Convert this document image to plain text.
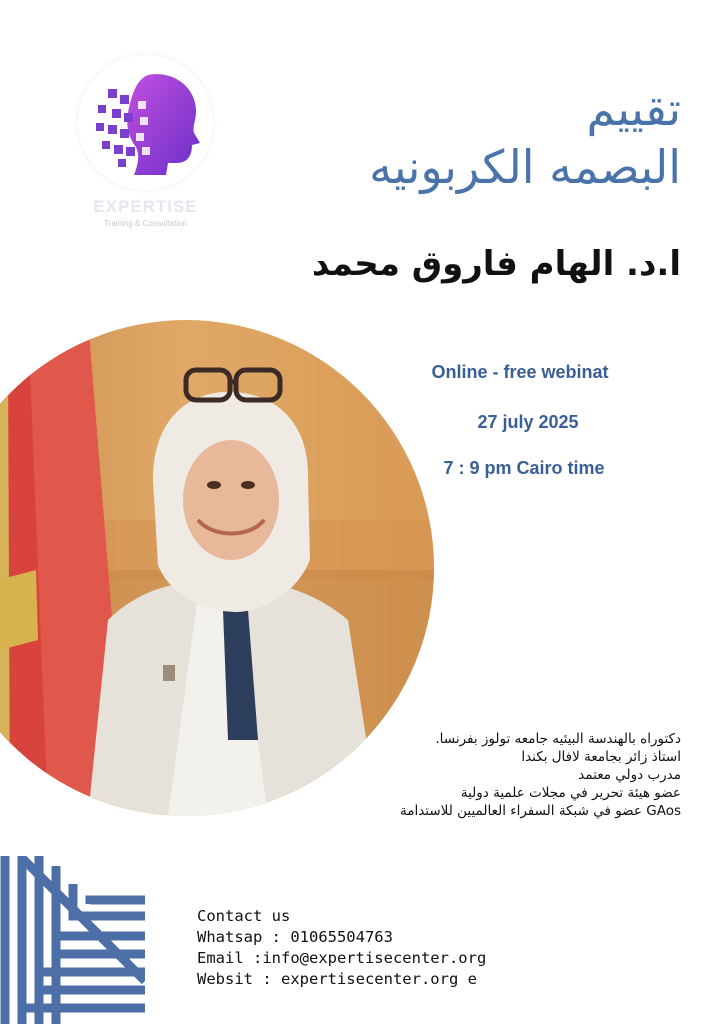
EXPERTISE
Training & Consultation
تقييم
البصمه الكربونيه
ا.د. الهام فاروق محمد
Online - free webinat
27 july 2025
7 : 9 pm Cairo time
دكتوراه بالهندسة البيئيه جامعه تولوز بفرنسا.
استاذ زائر بجامعة لافال بكندا
مدرب دولي معتمد
عضو هيئة تحرير في مجلات علمية دولية
GAos عضو في شبكة السفراء العالميين للاستدامة
Contact us
Whatsap : 01065504763
Email :info@expertisecenter.org
Websit : expertisecenter.org e
